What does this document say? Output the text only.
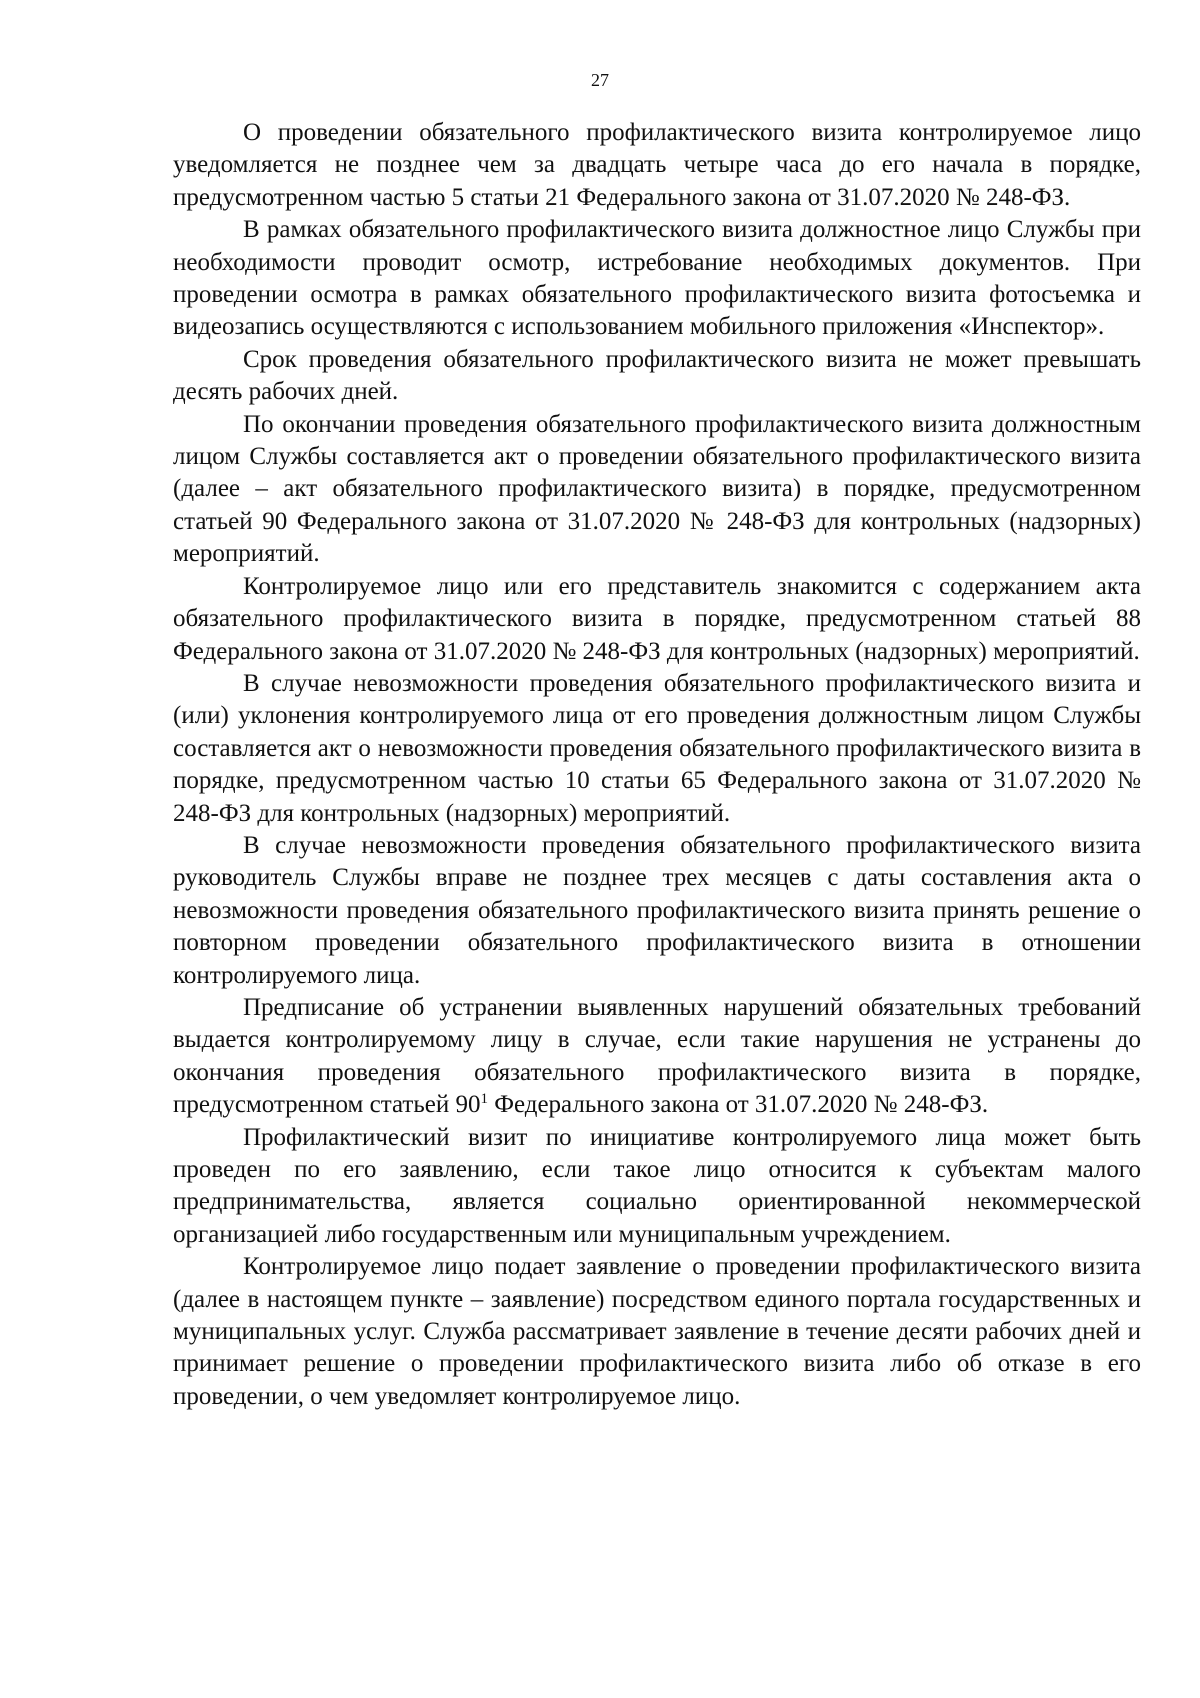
27

О проведении обязательного профилактического визита контролируемое лицо уведомляется не позднее чем за двадцать четыре часа до его начала в порядке, предусмотренном частью 5 статьи 21 Федерального закона от 31.07.2020 № 248-ФЗ.

В рамках обязательного профилактического визита должностное лицо Службы при необходимости проводит осмотр, истребование необходимых документов. При проведении осмотра в рамках обязательного профилактического визита фотосъемка и видеозапись осуществляются с использованием мобильного приложения «Инспектор».

Срок проведения обязательного профилактического визита не может превышать десять рабочих дней.

По окончании проведения обязательного профилактического визита должностным лицом Службы составляется акт о проведении обязательного профилактического визита (далее – акт обязательного профилактического визита) в порядке, предусмотренном статьей 90 Федерального закона от 31.07.2020 № 248-ФЗ для контрольных (надзорных) мероприятий.

Контролируемое лицо или его представитель знакомится с содержанием акта обязательного профилактического визита в порядке, предусмотренном статьей 88 Федерального закона от 31.07.2020 № 248-ФЗ для контрольных (надзорных) мероприятий.

В случае невозможности проведения обязательного профилактического визита и (или) уклонения контролируемого лица от его проведения должностным лицом Службы составляется акт о невозможности проведения обязательного профилактического визита в порядке, предусмотренном частью 10 статьи 65 Федерального закона от 31.07.2020 № 248-ФЗ для контрольных (надзорных) мероприятий.

В случае невозможности проведения обязательного профилактического визита руководитель Службы вправе не позднее трех месяцев с даты составления акта о невозможности проведения обязательного профилактического визита принять решение о повторном проведении обязательного профилактического визита в отношении контролируемого лица.

Предписание об устранении выявленных нарушений обязательных требований выдается контролируемому лицу в случае, если такие нарушения не устранены до окончания проведения обязательного профилактического визита в порядке, предусмотренном статьей $90^1$ Федерального закона от 31.07.2020 № 248-ФЗ.

Профилактический визит по инициативе контролируемого лица может быть проведен по его заявлению, если такое лицо относится к субъектам малого предпринимательства, является социально ориентированной некоммерческой организацией либо государственным или муниципальным учреждением.

Контролируемое лицо подает заявление о проведении профилактического визита (далее в настоящем пункте – заявление) посредством единого портала государственных и муниципальных услуг. Служба рассматривает заявление в течение десяти рабочих дней и принимает решение о проведении профилактического визита либо об отказе в его проведении, о чем уведомляет контролируемое лицо.
